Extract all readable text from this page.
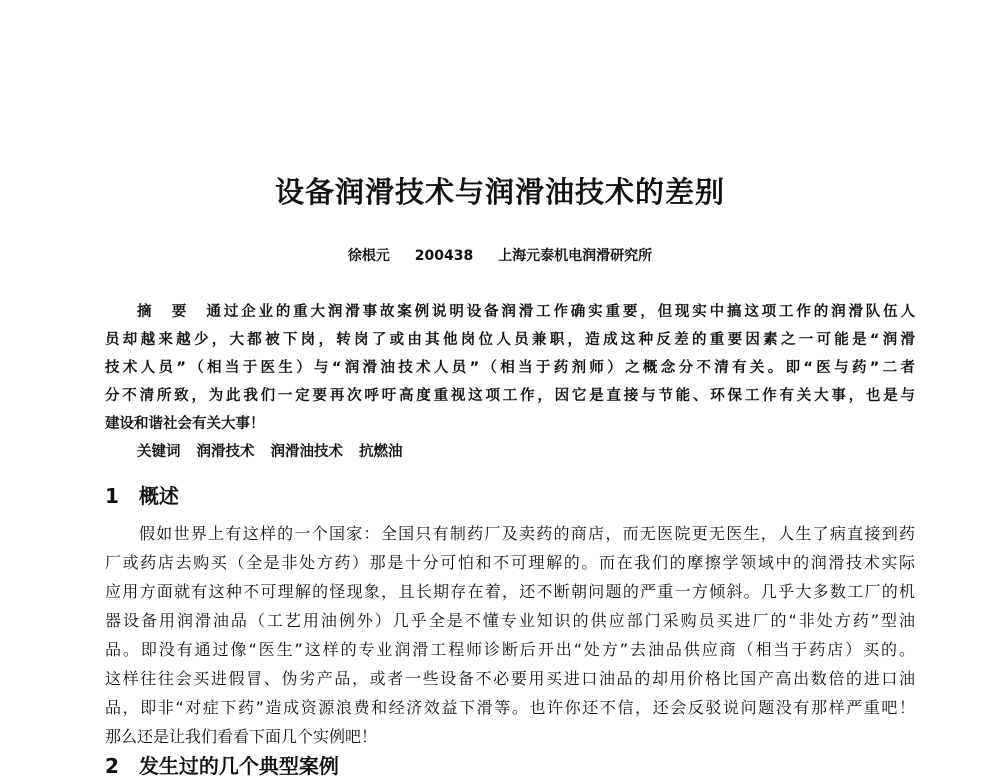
设备润滑技术与润滑油技术的差别
徐根元 200438 上海元泰机电润滑研究所
摘　要　通过企业的重大润滑事故案例说明设备润滑工作确实重要，但现实中搞这项工作的润滑队伍人
员却越来越少，大都被下岗，转岗了或由其他岗位人员兼职，造成这种反差的重要因素之一可能是“润滑
技术人员”（相当于医生）与“润滑油技术人员”（相当于药剂师）之概念分不清有关。即“医与药”二者
分不清所致，为此我们一定要再次呼吁高度重视这项工作，因它是直接与节能、环保工作有关大事，也是与
建设和谐社会有关大事！
关键词 润滑技术 润滑油技术 抗燃油
1 概述
假如世界上有这样的一个国家：全国只有制药厂及卖药的商店，而无医院更无医生，人生了病直接到药
厂或药店去购买（全是非处方药）那是十分可怕和不可理解的。而在我们的摩擦学领域中的润滑技术实际
应用方面就有这种不可理解的怪现象，且长期存在着，还不断朝问题的严重一方倾斜。几乎大多数工厂的机
器设备用润滑油品（工艺用油例外）几乎全是不懂专业知识的供应部门采购员买进厂的“非处方药”型油
品。即没有通过像“医生”这样的专业润滑工程师诊断后开出“处方”去油品供应商（相当于药店）买的。
这样往往会买进假冒、伪劣产品，或者一些设备不必要用买进口油品的却用价格比国产高出数倍的进口油
品，即非“对症下药”造成资源浪费和经济效益下滑等。也许你还不信，还会反驳说问题没有那样严重吧！
那么还是让我们看看下面几个实例吧！
2 发生过的几个典型案例
